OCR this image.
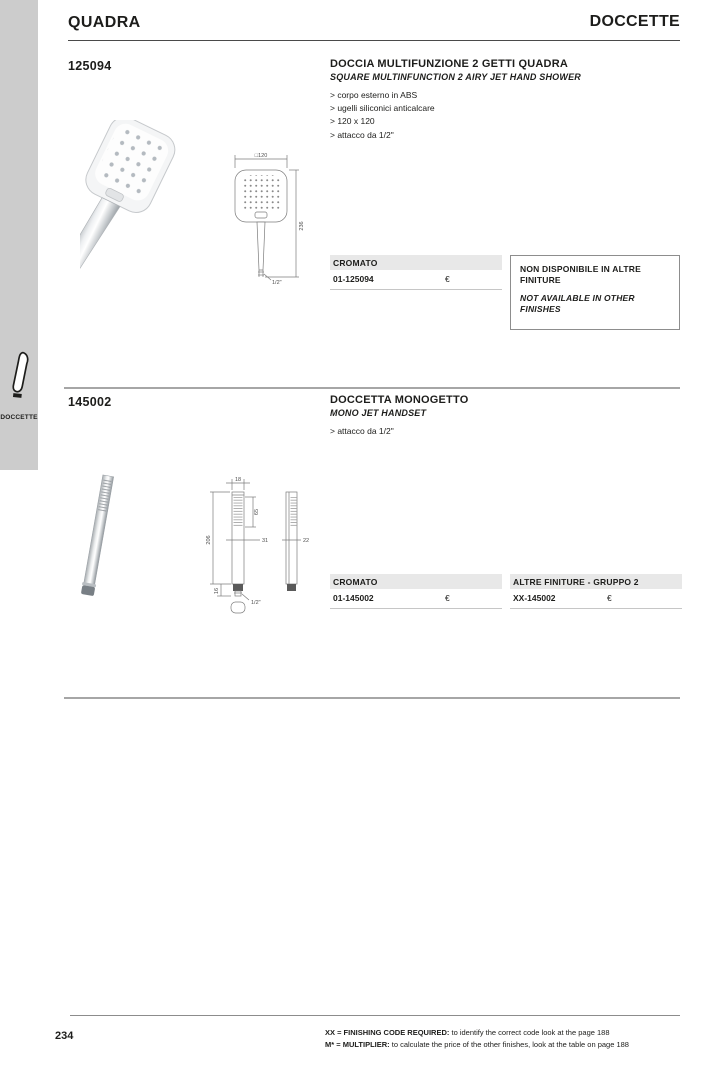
DOCCETTE
QUADRA	DOCCETTE
125094	DOCCIA MULTIFUNZIONE 2 GETTI QUADRA
SQUARE MULTINFUNCTION 2 AIRY JET HAND SHOWER
> corpo esterno in ABS
> ugelli siliconici anticalcare
> 120 x 120
> attacco da 1/2"
□120
236
1/2"
CROMATO
01-125094	€
NON DISPONIBILE IN ALTRE FINITURE
NOT AVAILABLE IN OTHER FINISHES
145002	DOCCETTA MONOGETTO
MONO JET HANDSET
> attacco da 1/2"
18
206
16
65
31
1/2"
22
CROMATO
01-145002	€
ALTRE FINITURE - GRUPPO 2
XX-145002	€
234	XX = FINISHING CODE REQUIRED: to identify the correct code look at the page 188
M* = MULTIPLIER: to calculate the price of the other finishes, look at the table on page 188
